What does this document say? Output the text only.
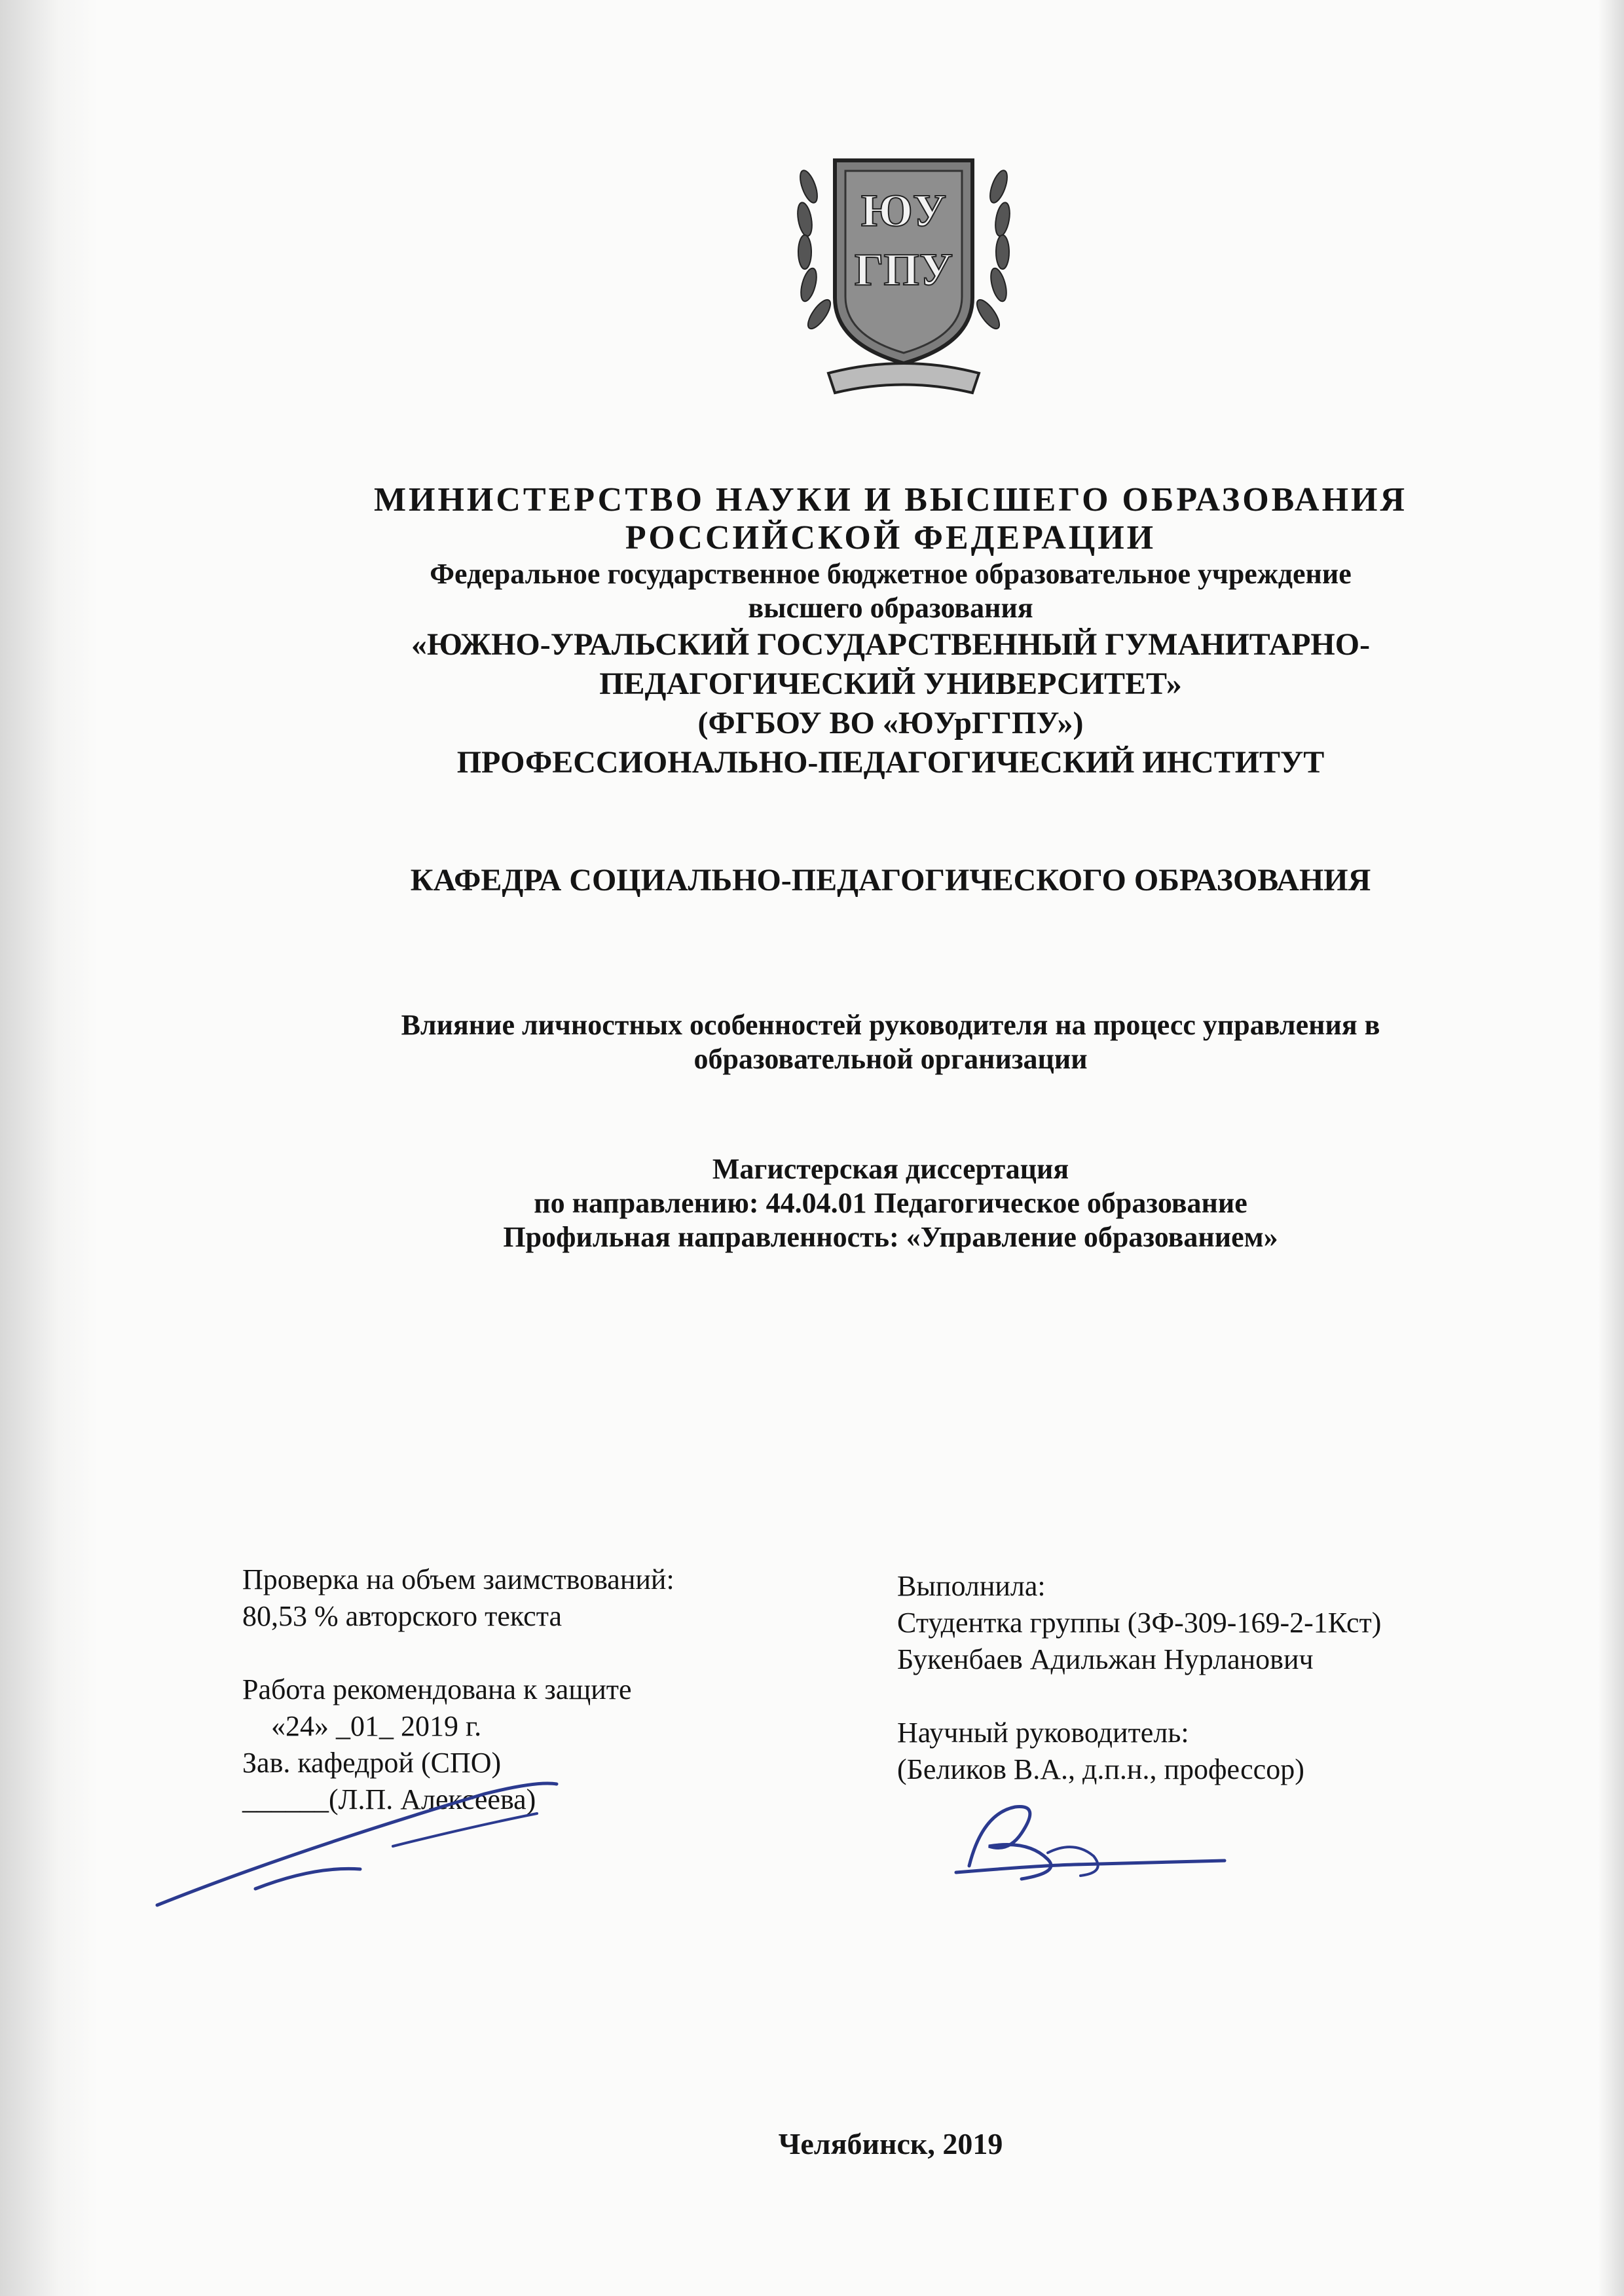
ЮУ
ГПУ
МИНИСТЕРСТВО НАУКИ И ВЫСШЕГО ОБРАЗОВАНИЯ
РОССИЙСКОЙ ФЕДЕРАЦИИ
Федеральное государственное бюджетное образовательное учреждение
высшего образования
«ЮЖНО-УРАЛЬСКИЙ ГОСУДАРСТВЕННЫЙ ГУМАНИТАРНО-
ПЕДАГОГИЧЕСКИЙ УНИВЕРСИТЕТ»
(ФГБОУ ВО «ЮУрГГПУ»)
ПРОФЕССИОНАЛЬНО-ПЕДАГОГИЧЕСКИЙ ИНСТИТУТ
КАФЕДРА СОЦИАЛЬНО-ПЕДАГОГИЧЕСКОГО ОБРАЗОВАНИЯ
Влияние личностных особенностей руководителя на процесс управления в
образовательной организации
Магистерская диссертация
по направлению: 44.04.01 Педагогическое образование
Профильная направленность: «Управление образованием»
Проверка на объем заимствований:
80,53 % авторского текста
Работа рекомендована к защите
«24» _01_ 2019 г.
Зав. кафедрой (СПО)
______(Л.П. Алексеева)
Выполнила:
Студентка группы (ЗФ-309-169-2-1Кст)
Букенбаев Адильжан Нурланович
Научный руководитель:
(Беликов В.А., д.п.н., профессор)
Челябинск, 2019
